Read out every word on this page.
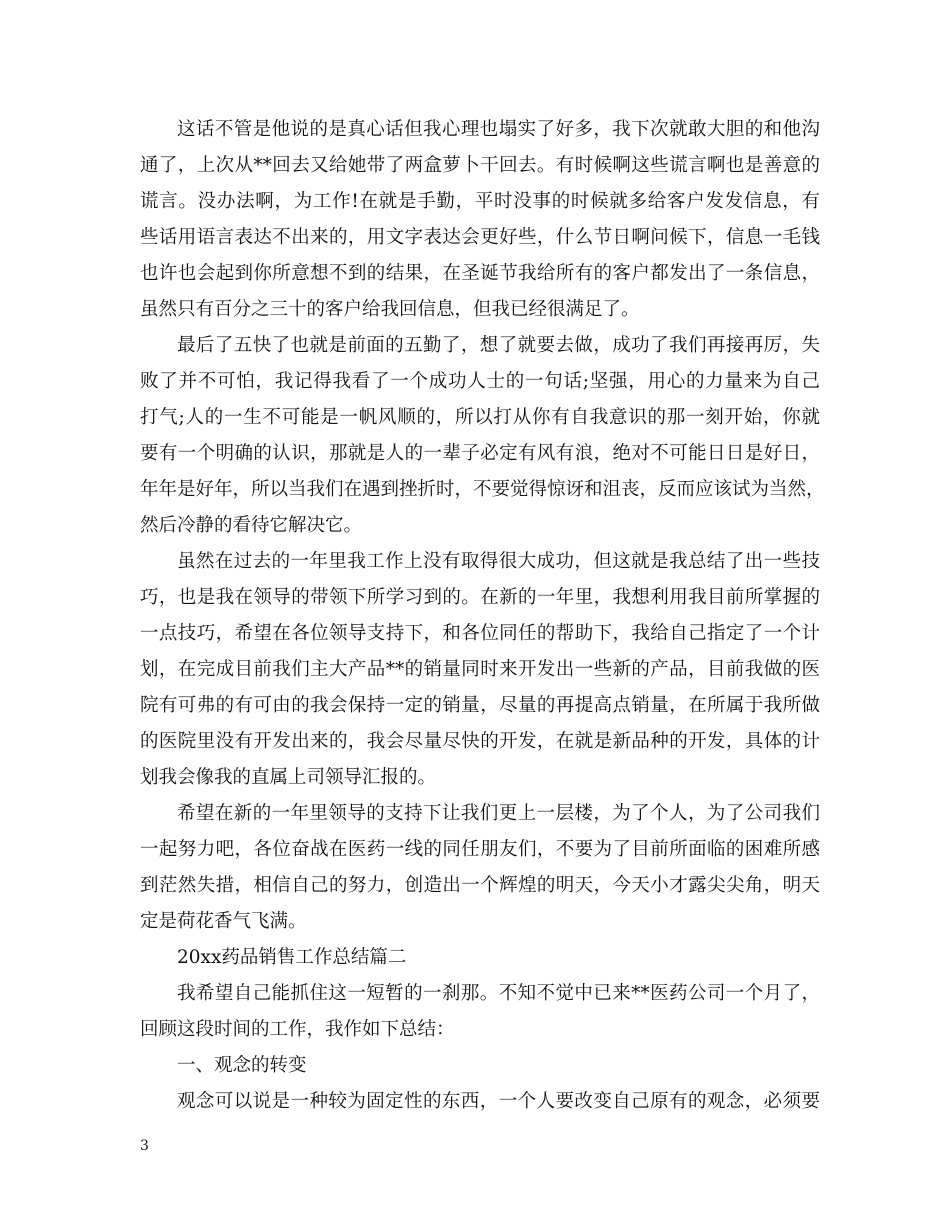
这话不管是他说的是真心话但我心理也塌实了好多，我下次就敢大胆的和他沟
通了，上次从**回去又给她带了两盒萝卜干回去。有时候啊这些谎言啊也是善意的
谎言。没办法啊，为工作!在就是手勤，平时没事的时候就多给客户发发信息，有
些话用语言表达不出来的，用文字表达会更好些，什么节日啊问候下，信息一毛钱
也许也会起到你所意想不到的结果，在圣诞节我给所有的客户都发出了一条信息，
虽然只有百分之三十的客户给我回信息，但我已经很满足了。
最后了五快了也就是前面的五勤了，想了就要去做，成功了我们再接再厉，失
败了并不可怕，我记得我看了一个成功人士的一句话;坚强，用心的力量来为自己
打气;人的一生不可能是一帆风顺的，所以打从你有自我意识的那一刻开始，你就
要有一个明确的认识，那就是人的一辈子必定有风有浪，绝对不可能日日是好日，
年年是好年，所以当我们在遇到挫折时，不要觉得惊讶和沮丧，反而应该试为当然，
然后冷静的看待它解决它。
虽然在过去的一年里我工作上没有取得很大成功，但这就是我总结了出一些技
巧，也是我在领导的带领下所学习到的。在新的一年里，我想利用我目前所掌握的
一点技巧，希望在各位领导支持下，和各位同任的帮助下，我给自己指定了一个计
划，在完成目前我们主大产品**的销量同时来开发出一些新的产品，目前我做的医
院有可弗的有可由的我会保持一定的销量，尽量的再提高点销量，在所属于我所做
的医院里没有开发出来的，我会尽量尽快的开发，在就是新品种的开发，具体的计
划我会像我的直属上司领导汇报的。
希望在新的一年里领导的支持下让我们更上一层楼，为了个人，为了公司我们
一起努力吧，各位奋战在医药一线的同任朋友们，不要为了目前所面临的困难所感
到茫然失措，相信自己的努力，创造出一个辉煌的明天，今天小才露尖尖角，明天
定是荷花香气飞满。
20xx药品销售工作总结篇二
我希望自己能抓住这一短暂的一刹那。不知不觉中已来**医药公司一个月了，
回顾这段时间的工作，我作如下总结：
一、观念的转变
观念可以说是一种较为固定性的东西，一个人要改变自己原有的观念，必须要
3
